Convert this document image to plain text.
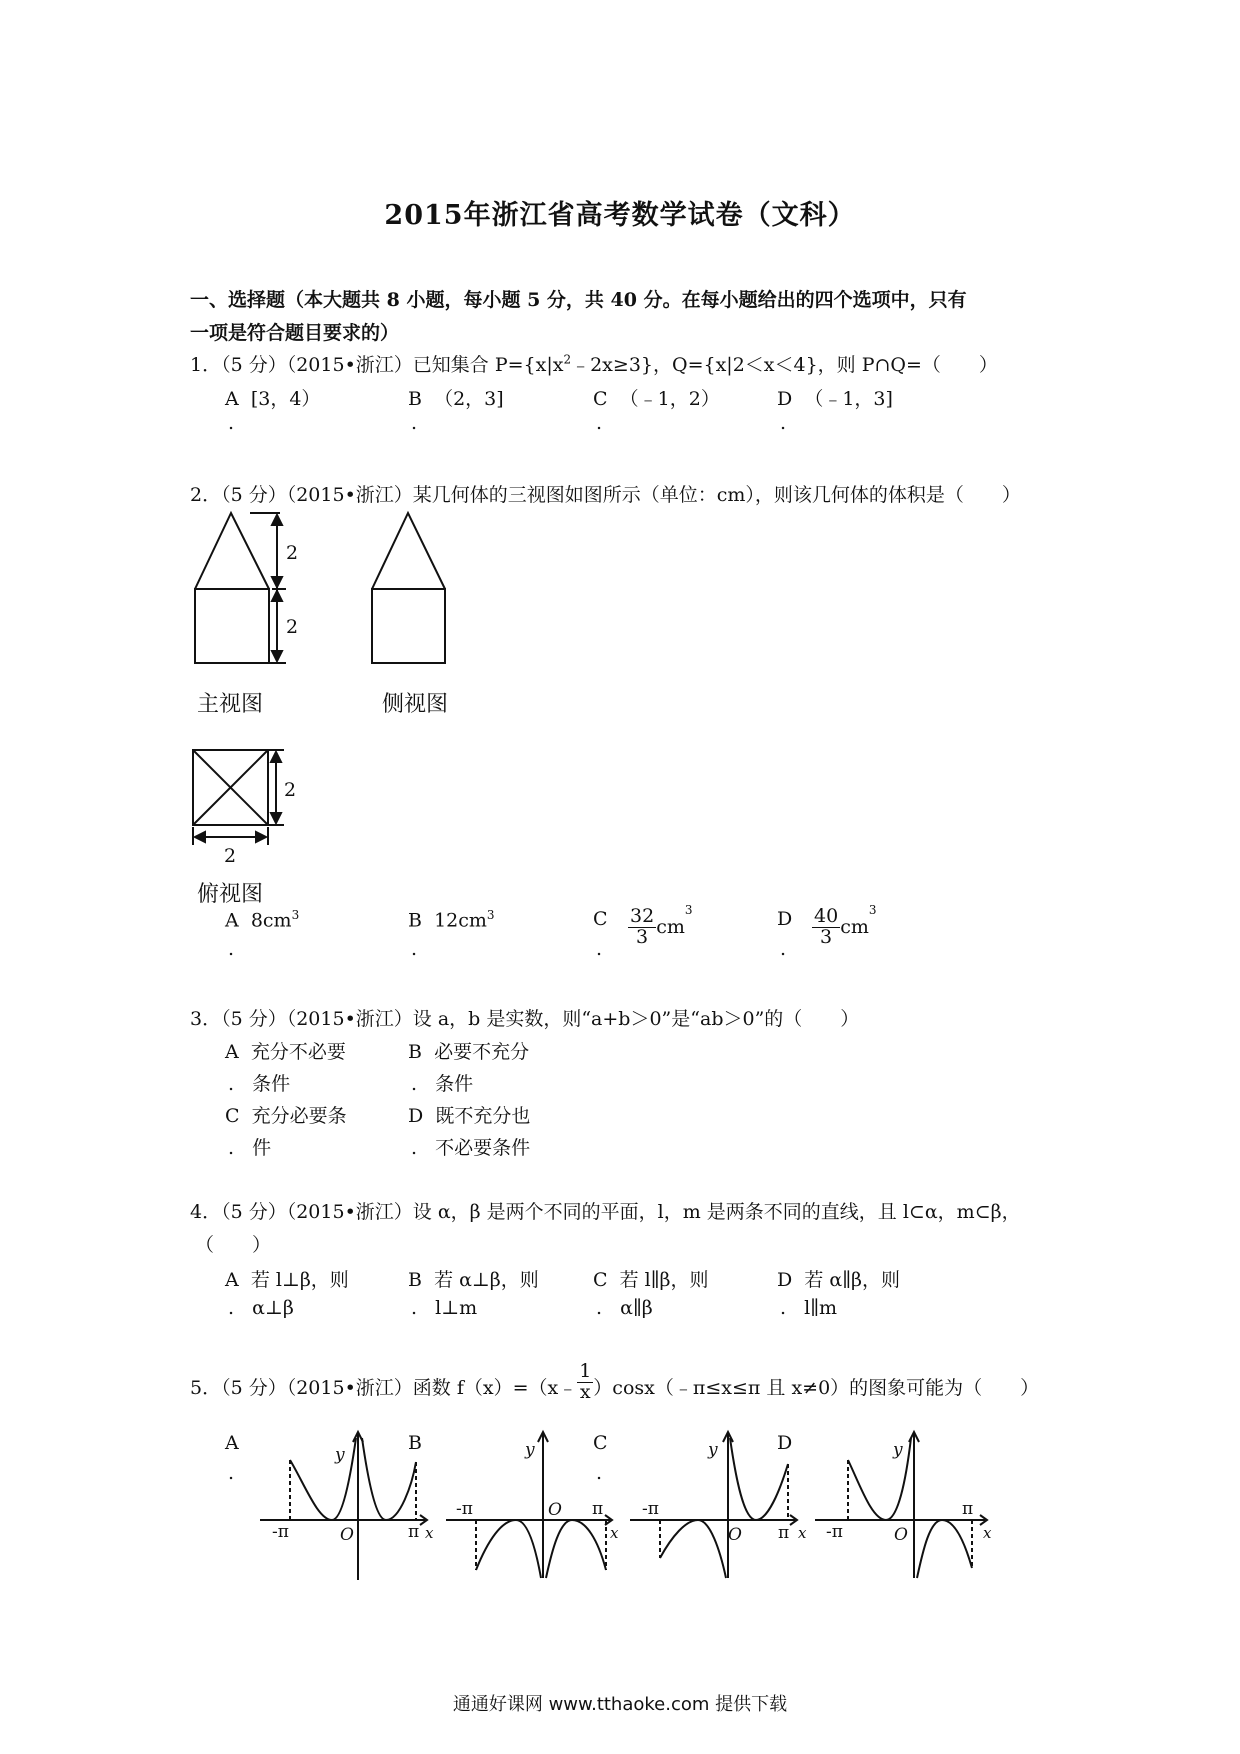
2015年浙江省高考数学试卷（文科）
一、选择题（本大题共 8 小题，每小题 5 分，共 40 分。在每小题给出的四个选项中，只有
一项是符合题目要求的）
1．（5 分）（2015•浙江）已知集合 $P=\{x|x^2﹣2x\ge 3\}$，Q={x|2＜x＜4}，则 P∩Q=（　　）
A [3，4）	B （2，3]	C （﹣1，2）	D （﹣1，3]
.	.	.	.
2．（5 分）（2015•浙江）某几何体的三视图如图所示（单位：cm），则该几何体的体积是（　　）
2
2
2
2
主视图	侧视图
俯视图
A $8cm^3$	B $12cm^3$	C $\frac{32}{3} cm^3$	D $\frac{40}{3} cm^3$
.	.	.	.
3．（5 分）（2015•浙江）设 a，b 是实数，则“a+b＞0”是“ab＞0”的（　　）
A 充分不必要
. 条件
B 必要不充分
. 条件
C 充分必要条
. 件
D 既不充分也
. 不必要条件
4．（5 分）（2015•浙江）设 α，β 是两个不同的平面，l，m 是两条不同的直线，且 l⊂α，m⊂β，
（　　）
A 若 l⊥β，则
. α⊥β
B 若 α⊥β，则
. l⊥m
C 若 l∥β，则
. α∥β
D 若 α∥β，则
. l∥m
5．（5 分）（2015•浙江）函数 f（x）=（x﹣ $\frac{1}{x}$ ）cosx（﹣π≤x≤π 且 x≠0）的图象可能为（　　）
A
.
B	C
.
D
y
x
O
-π	π
y
x
O
-π	π
y
x
O
-π
π
y
x
O
-π
π
通通好课网 www.tthaoke.com 提供下载
